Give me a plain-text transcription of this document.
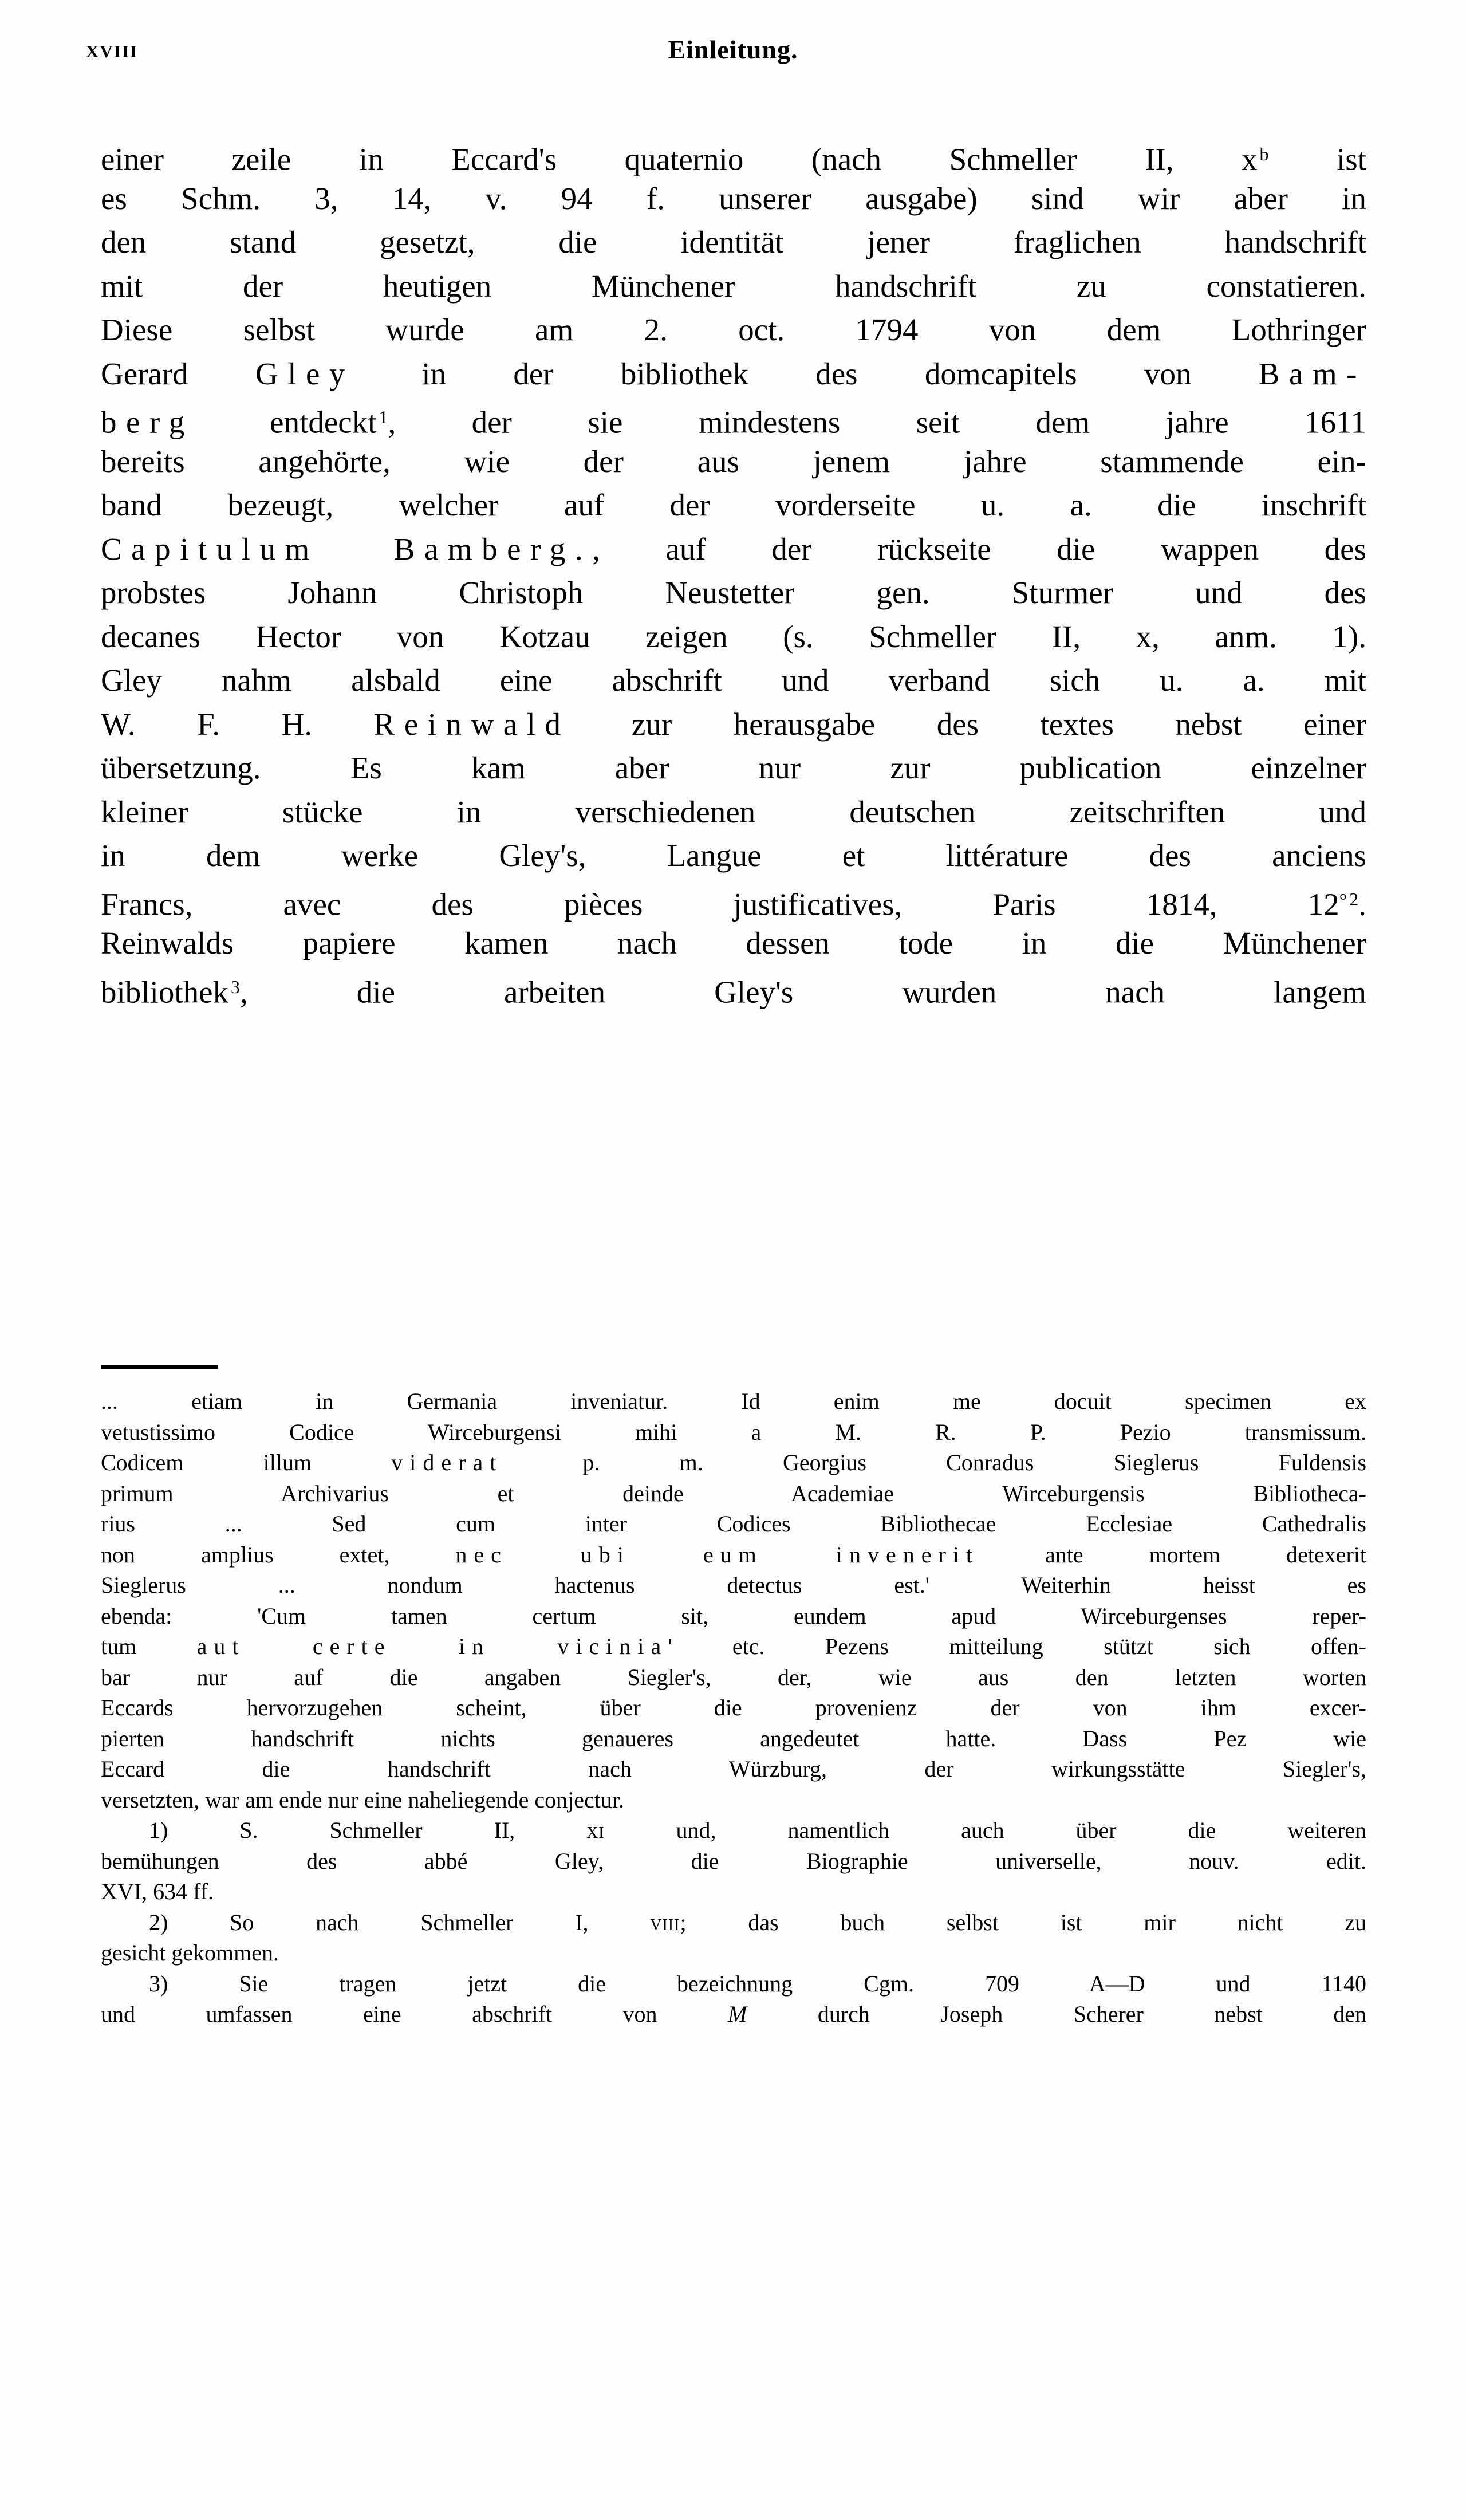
xviii	Einleitung.
einer zeile in Eccard's quaternio (nach Schmeller II, x $^b$ ist
es Schm. 3, 14, v. 94 f. unserer ausgabe) sind wir aber in
den stand gesetzt, die identität jener fraglichen handschrift
mit der heutigen Münchener handschrift zu constatieren.
Diese selbst wurde am 2. oct. 1794 von dem Lothringer
Gerard Gley in der bibliothek des domcapitels von Bam-
berg entdeckt $^1$, der sie mindestens seit dem jahre 1611
bereits angehörte, wie der aus jenem jahre stammende ein-
band bezeugt, welcher auf der vorderseite u. a. die inschrift
Capitulum Bamberg., auf der rückseite die wappen des
probstes Johann Christoph Neustetter gen. Sturmer und des
decanes Hector von Kotzau zeigen (s. Schmeller II, x, anm. 1).
Gley nahm alsbald eine abschrift und verband sich u. a. mit
W. F. H. Reinwald zur herausgabe des textes nebst einer
übersetzung. Es kam aber nur zur publication einzelner
kleiner stücke in verschiedenen deutschen zeitschriften und
in dem werke Gley's, Langue et littérature des anciens
Francs, avec des pièces justificatives, Paris 1814, 12° $^2$.
Reinwalds papiere kamen nach dessen tode in die Münchener
bibliothek $^3$, die arbeiten Gley's wurden nach langem
... etiam in Germania inveniatur. Id enim me docuit specimen ex
vetustissimo Codice Wirceburgensi mihi a M. R. P. Pezio transmissum.
Codicem illum viderat p. m. Georgius Conradus Sieglerus Fuldensis
primum Archivarius et deinde Academiae Wirceburgensis Bibliotheca-
rius ... Sed cum inter Codices Bibliothecae Ecclesiae Cathedralis
non amplius extet, nec ubi eum invenerit ante mortem detexerit
Sieglerus ... nondum hactenus detectus est.' Weiterhin heisst es
ebenda: 'Cum tamen certum sit, eundem apud Wirceburgenses reper-
tum aut certe in vicinia' etc. Pezens mitteilung stützt sich offen-
bar nur auf die angaben Siegler's, der, wie aus den letzten worten
Eccards hervorzugehen scheint, über die provenienz der von ihm excer-
pierten handschrift nichts genaueres angedeutet hatte. Dass Pez wie
Eccard die handschrift nach Würzburg, der wirkungsstätte Siegler's,
versetzten, war am ende nur eine naheliegende conjectur.
1) S. Schmeller II, xi und, namentlich auch über die weiteren
bemühungen des abbé Gley, die Biographie universelle, nouv. edit.
XVI, 634 ff.
2) So nach Schmeller I, viii; das buch selbst ist mir nicht zu
gesicht gekommen.
3) Sie tragen jetzt die bezeichnung Cgm. 709 A—D und 1140
und umfassen eine abschrift von M durch Joseph Scherer nebst den
